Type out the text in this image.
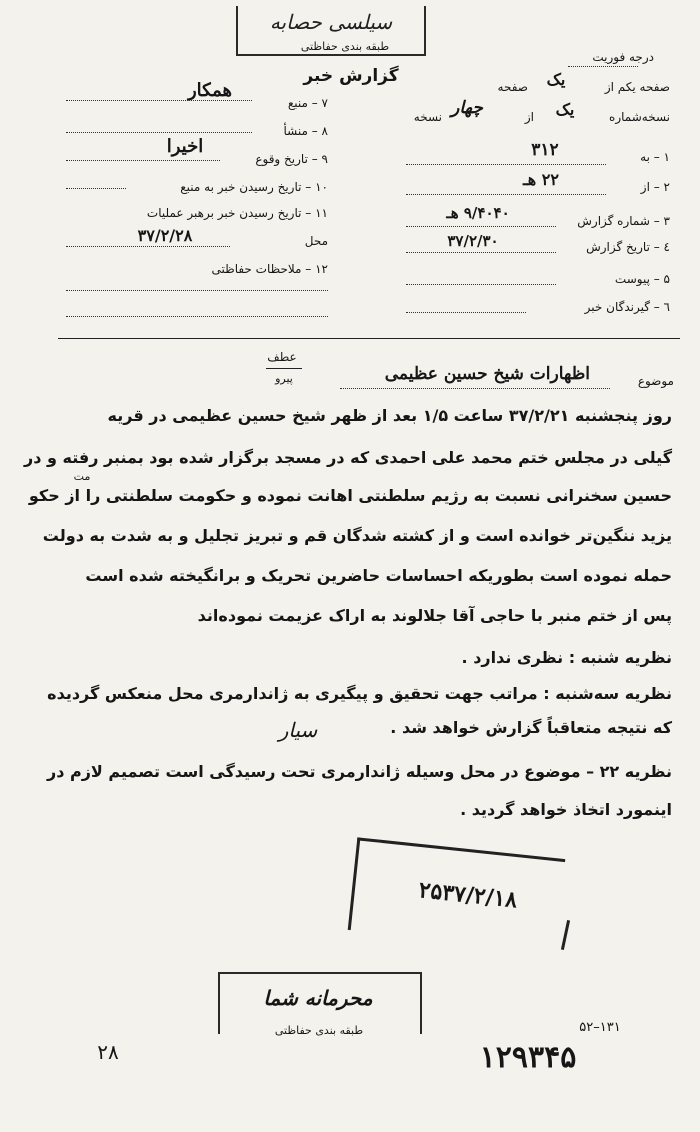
سیلسی حصابه
طبقه بندی حفاظتی
گزارش خبر
درجه فوریت
۷ – منبع
همکار
۸ – منشأ
۹ – تاریخ وقوع
اخیرا
۱۰ – تاریخ رسیدن خبر به منبع
۱۱ – تاریخ رسیدن خبر برهبر عملیات
محل
۳۷/۲/۲۸
۱۲ – ملاحظات حفاظتی
صفحه یکم از
یک
صفحه
نسخه‌شماره
یک
از
چهار
نسخه
۱ – به
۳۱۲
۲ – از
۲۲ هـ
۳ – شماره گزارش
۹/۴۰۴۰ هـ
٤ – تاریخ گزارش
۳۷/۲/۳۰
۵ – پیوست
٦ – گیرندگان خبر
موضوع
اظهارات شیخ حسین عظیمی
عطف
پیرو
روز پنجشنبه ۳۷/۲/۲۱ ساعت ۱/۵ بعد از ظهر شیخ حسین عظیمی در قریه
گیلی در مجلس ختم محمد علی احمدی که در مسجد برگزار شده بود بمنبر رفته و در
مت
حسین سخنرانی نسبت به رژیم سلطنتی اهانت نموده و حکومت سلطنتی را از حکو
یزید ننگین‌تر خوانده است و از کشته شدگان قم و تبریز تجلیل و به شدت به دولت
حمله نموده است بطوریکه احساسات حاضرین تحریک و برانگیخته شده است
پس از ختم منبر با حاجی آقا جلالوند به اراک عزیمت نموده‌اند
نظریه شنبه : نظری ندارد .
نظریه سه‌شنبه : مراتب جهت تحقیق و پیگیری به ژاندارمری محل منعکس گردیده
که نتیجه متعاقباً گزارش خواهد شد .
سیار
نظریه ۲۲ – موضوع در محل وسیله ژاندارمری تحت رسیدگی است تصمیم لازم در
اینمورد اتخاذ خواهد گردید .
۲۵۳۷/۲/۱۸
محرمانه شما
طبقه بندی حفاظتی	۱۳۱–۵۲
۲۸	۱۲۹۳۴۵
